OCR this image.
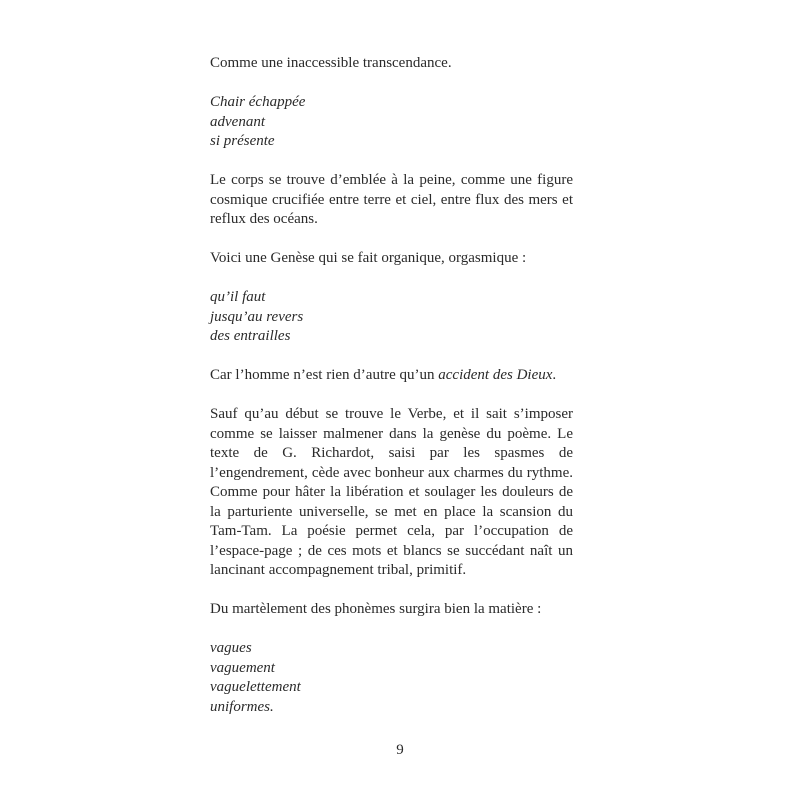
Comme une inaccessible transcendance.

Chair échappée
advenant
si présente

Le corps se trouve d’emblée à la peine, comme une figure cosmique crucifiée entre terre et ciel, entre flux des mers et reflux des océans.

Voici une Genèse qui se fait organique, orgasmique :

qu’il faut
jusqu’au revers
des entrailles

Car l’homme n’est rien d’autre qu’un accident des Dieux.

Sauf qu’au début se trouve le Verbe, et il sait s’imposer comme se laisser malmener dans la genèse du poème. Le texte de G. Richardot, saisi par les spasmes de l’engendrement, cède avec bonheur aux charmes du rythme. Comme pour hâter la libération et soulager les douleurs de la parturiente universelle, se met en place la scansion du Tam-Tam. La poésie permet cela, par l’occupation de l’espace-page ; de ces mots et blancs se succédant naît un lancinant accompagnement tribal, primitif.

Du martèlement des phonèmes surgira bien la matière :

vagues
vaguement
vaguelettement
uniformes.
9
